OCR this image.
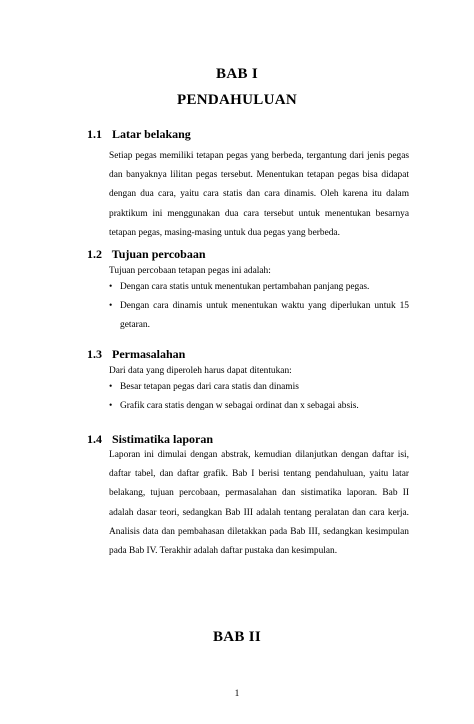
BAB I
PENDAHULUAN
1.1 Latar belakang
Setiap pegas memiliki tetapan pegas yang berbeda, tergantung dari jenis pegas dan banyaknya lilitan pegas tersebut. Menentukan tetapan pegas bisa didapat dengan dua cara, yaitu cara statis dan cara dinamis. Oleh karena itu dalam praktikum ini menggunakan dua cara tersebut untuk menentukan besarnya tetapan pegas, masing-masing untuk dua pegas yang berbeda.
1.2 Tujuan percobaan
Tujuan percobaan tetapan pegas ini adalah:
• Dengan cara statis untuk menentukan pertambahan panjang pegas.
• Dengan cara dinamis untuk menentukan waktu yang diperlukan untuk 15 getaran.
1.3 Permasalahan
Dari data yang diperoleh harus dapat ditentukan:
• Besar tetapan pegas dari cara statis dan dinamis
• Grafik cara statis dengan w sebagai ordinat dan x sebagai absis.
1.4 Sistimatika laporan
Laporan ini dimulai dengan abstrak, kemudian dilanjutkan dengan daftar isi, daftar tabel, dan daftar grafik. Bab I berisi tentang pendahuluan, yaitu latar belakang, tujuan percobaan, permasalahan dan sistimatika laporan. Bab II adalah dasar teori, sedangkan Bab III adalah tentang peralatan dan cara kerja. Analisis data dan pembahasan diletakkan pada Bab III, sedangkan kesimpulan pada Bab IV. Terakhir adalah daftar pustaka dan kesimpulan.
BAB II
1
